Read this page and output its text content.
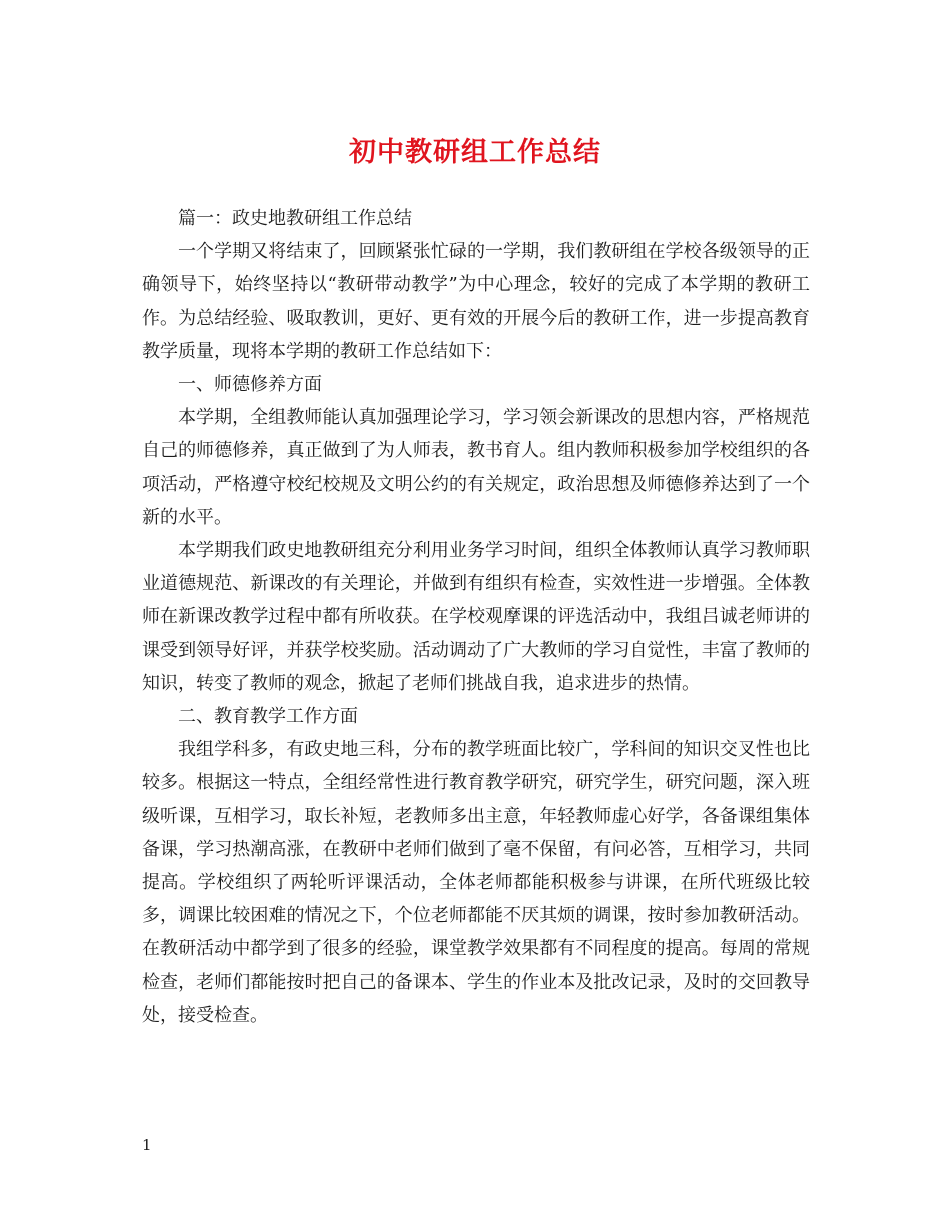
初中教研组工作总结

篇一：政史地教研组工作总结

一个学期又将结束了，回顾紧张忙碌的一学期，我们教研组在学校各级领导的正确领导下，始终坚持以“教研带动教学”为中心理念，较好的完成了本学期的教研工作。为总结经验、吸取教训，更好、更有效的开展今后的教研工作，进一步提高教育教学质量，现将本学期的教研工作总结如下：

一、师德修养方面

本学期，全组教师能认真加强理论学习，学习领会新课改的思想内容，严格规范自己的师德修养，真正做到了为人师表，教书育人。组内教师积极参加学校组织的各项活动，严格遵守校纪校规及文明公约的有关规定，政治思想及师德修养达到了一个新的水平。

本学期我们政史地教研组充分利用业务学习时间，组织全体教师认真学习教师职业道德规范、新课改的有关理论，并做到有组织有检查，实效性进一步增强。全体教师在新课改教学过程中都有所收获。在学校观摩课的评选活动中，我组吕诚老师讲的课受到领导好评，并获学校奖励。活动调动了广大教师的学习自觉性，丰富了教师的知识，转变了教师的观念，掀起了老师们挑战自我，追求进步的热情。

二、教育教学工作方面

我组学科多，有政史地三科，分布的教学班面比较广，学科间的知识交叉性也比较多。根据这一特点，全组经常性进行教育教学研究，研究学生，研究问题，深入班级听课，互相学习，取长补短，老教师多出主意，年轻教师虚心好学，各备课组集体备课，学习热潮高涨，在教研中老师们做到了毫不保留，有问必答，互相学习，共同提高。学校组织了两轮听评课活动，全体老师都能积极参与讲课，在所代班级比较多，调课比较困难的情况之下，个位老师都能不厌其烦的调课，按时参加教研活动。在教研活动中都学到了很多的经验，课堂教学效果都有不同程度的提高。每周的常规检查，老师们都能按时把自己的备课本、学生的作业本及批改记录，及时的交回教导处，接受检查。

1
